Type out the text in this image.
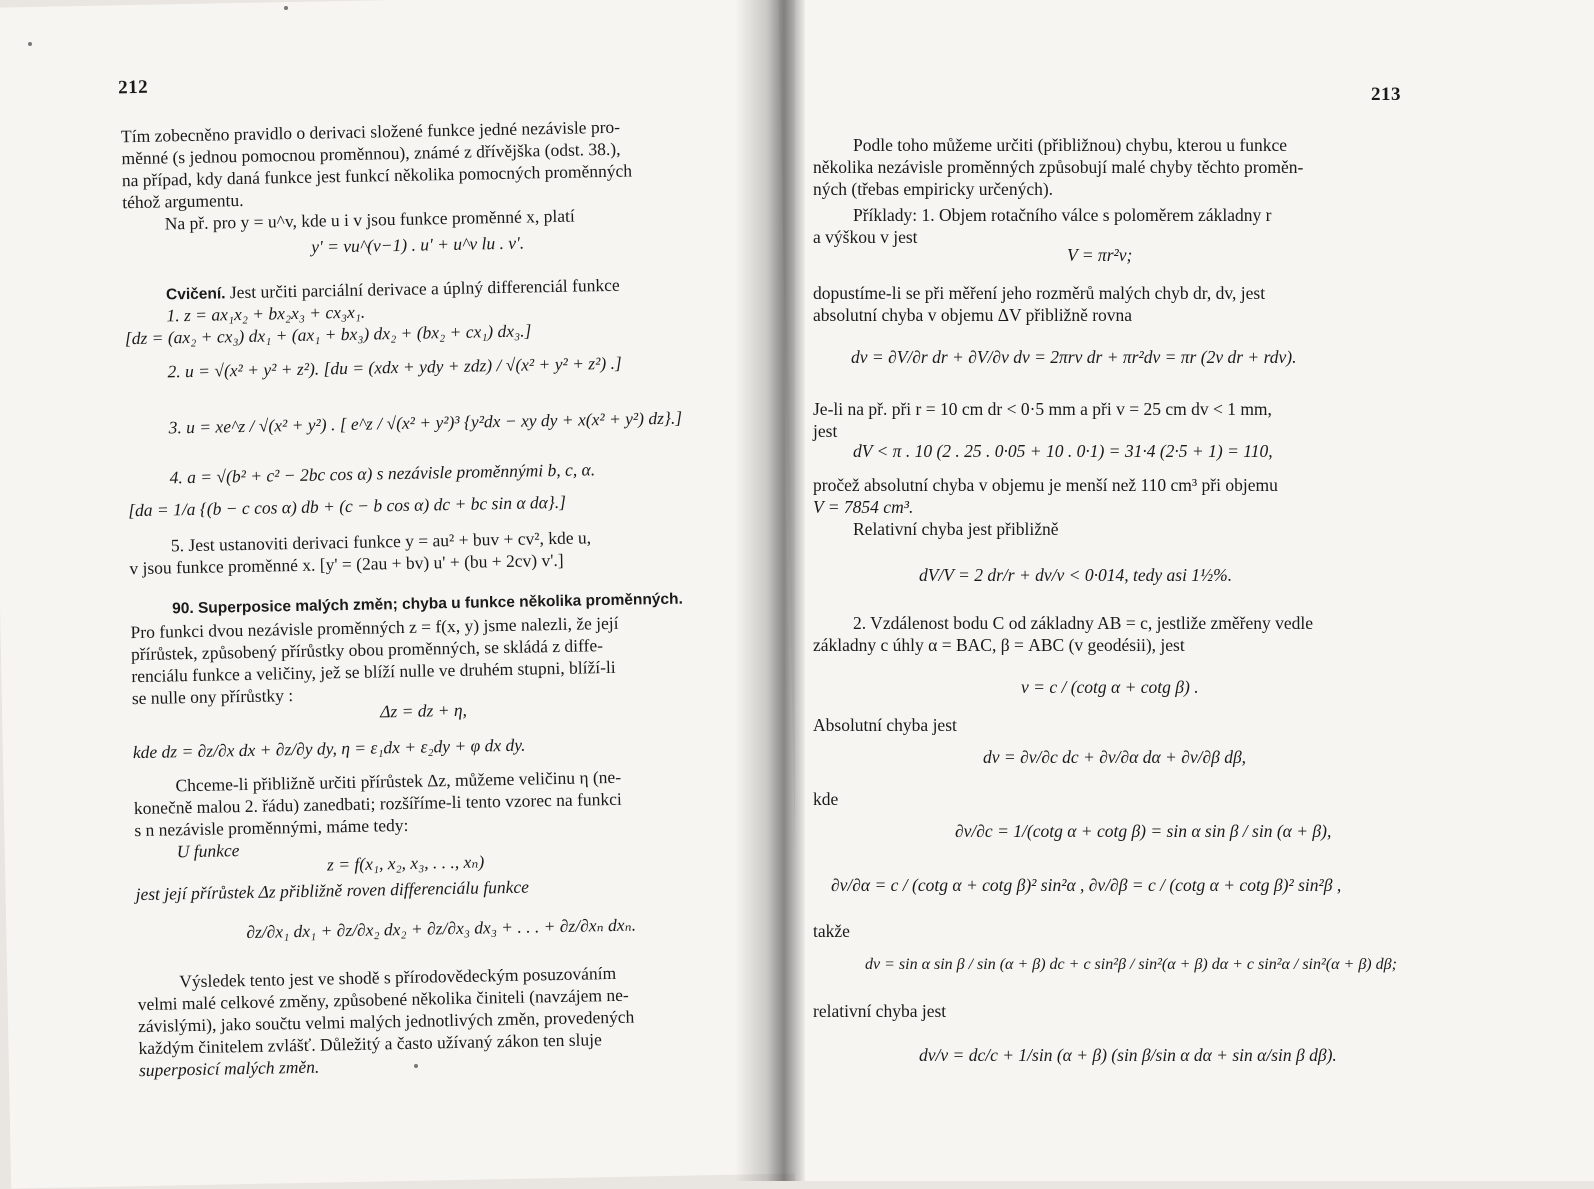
212
Tím zobecněno pravidlo o derivaci složené funkce jedné nezávisle pro-
měnné (s jednou pomocnou proměnnou), známé z dřívějška (odst. 38.),
na případ, kdy daná funkce jest funkcí několika pomocných proměnných
téhož argumentu.
Na př. pro y = u^v, kde u i v jsou funkce proměnné x, platí
y' = vu^(v−1) . u' + u^v lu . v'.
Cvičení. Jest určiti parciální derivace a úplný differenciál funkce
1. z = ax₁x₂ + bx₂x₃ + cx₃x₁.
[dz = (ax₂ + cx₃) dx₁ + (ax₁ + bx₃) dx₂ + (bx₂ + cx₁) dx₃.]
2. u = √(x² + y² + z²). [du = (xdx + ydy + zdz) / √(x² + y² + z²) .]
3. u = xe^z / √(x² + y²) . [ e^z / √(x² + y²)³ {y²dx − xy dy + x(x² + y²) dz}.]
4. a = √(b² + c² − 2bc cos α) s nezávisle proměnnými b, c, α.
[da = 1/a {(b − c cos α) db + (c − b cos α) dc + bc sin α dα}.]
5. Jest ustanoviti derivaci funkce y = au² + buv + cv², kde u,
v jsou funkce proměnné x. [y' = (2au + bv) u' + (bu + 2cv) v'.]
90. Superposice malých změn; chyba u funkce několika proměnných.
Pro funkci dvou nezávisle proměnných z = f(x, y) jsme nalezli, že její
přírůstek, způsobený přírůstky obou proměnných, se skládá z diffe-
renciálu funkce a veličiny, jež se blíží nulle ve druhém stupni, blíží-li
se nulle ony přírůstky :
Δz = dz + η,
kde dz = ∂z/∂x dx + ∂z/∂y dy, η = ε₁dx + ε₂dy + φ dx dy.
Chceme-li přibližně určiti přírůstek Δz, můžeme veličinu η (ne-
konečně malou 2. řádu) zanedbati; rozšíříme-li tento vzorec na funkci
s n nezávisle proměnnými, máme tedy:
U funkce
z = f(x₁, x₂, x₃, . . ., xₙ)
jest její přírůstek Δz přibližně roven differenciálu funkce
∂z/∂x₁ dx₁ + ∂z/∂x₂ dx₂ + ∂z/∂x₃ dx₃ + . . . + ∂z/∂xₙ dxₙ.
Výsledek tento jest ve shodě s přírodovědeckým posuzováním
velmi malé celkové změny, způsobené několika činiteli (navzájem ne-
závislými), jako součtu velmi malých jednotlivých změn, provedených
každým činitelem zvlášť. Důležitý a často užívaný zákon ten sluje
superposicí malých změn.
213
Podle toho můžeme určiti (přibližnou) chybu, kterou u funkce
několika nezávisle proměnných způsobují malé chyby těchto proměn-
ných (třebas empiricky určených).
Příklady: 1. Objem rotačního válce s poloměrem základny r
a výškou v jest
V = πr²v;
dopustíme-li se při měření jeho rozměrů malých chyb dr, dv, jest
absolutní chyba v objemu ΔV přibližně rovna
dv = ∂V/∂r dr + ∂V/∂v dv = 2πrv dr + πr²dv = πr (2v dr + rdv).
Je-li na př. při r = 10 cm dr < 0·5 mm a při v = 25 cm dv < 1 mm,
jest
dV < π . 10 (2 . 25 . 0·05 + 10 . 0·1) = 31·4 (2·5 + 1) = 110,
pročež absolutní chyba v objemu je menší než 110 cm³ při objemu
V = 7854 cm³.
Relativní chyba jest přibližně
dV/V = 2 dr/r + dv/v < 0·014, tedy asi 1½%.
2. Vzdálenost bodu C od základny AB = c, jestliže změřeny vedle
základny c úhly α = BAC, β = ABC (v geodésii), jest
v = c / (cotg α + cotg β) .
Absolutní chyba jest
dv = ∂v/∂c dc + ∂v/∂α dα + ∂v/∂β dβ,
kde
∂v/∂c = 1/(cotg α + cotg β) = sin α sin β / sin (α + β),
∂v/∂α = c / (cotg α + cotg β)² sin²α , ∂v/∂β = c / (cotg α + cotg β)² sin²β ,
takže
dv = sin α sin β / sin (α + β) dc + c sin²β / sin²(α + β) dα + c sin²α / sin²(α + β) dβ;
relativní chyba jest
dv/v = dc/c + 1/sin (α + β) (sin β/sin α dα + sin α/sin β dβ).
